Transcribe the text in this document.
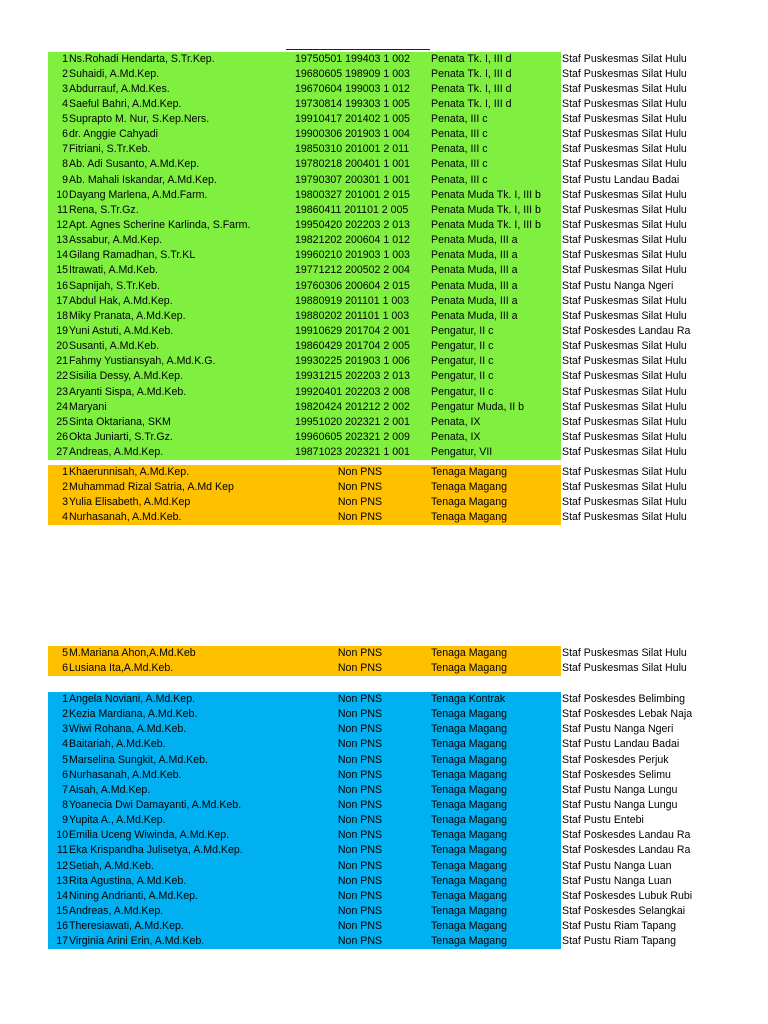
1 Ns.Rohadi Hendarta, S.Tr.Kep.	19750501 199403 1 002	Penata Tk. I, III d	Staf Puskesmas Silat Hulu
2 Suhaidi, A.Md.Kep.	19680605 198909 1 003	Penata Tk. I, III d	Staf Puskesmas Silat Hulu
3 Abdurrauf, A.Md.Kes.	19670604 199003 1 012	Penata Tk. I, III d	Staf Puskesmas Silat Hulu
4 Saeful Bahri, A.Md.Kep.	19730814 199303 1 005	Penata Tk. I, III d	Staf Puskesmas Silat Hulu
5 Suprapto M. Nur, S.Kep.Ners.	19910417 201402 1 005	Penata, III c	Staf Puskesmas Silat Hulu
6 dr. Anggie Cahyadi	19900306 201903 1 004	Penata, III c	Staf Puskesmas Silat Hulu
7 Fitriani, S.Tr.Keb.	19850310 201001 2 011	Penata, III c	Staf Puskesmas Silat Hulu
8 Ab. Adi Susanto, A.Md.Kep.	19780218 200401 1 001	Penata, III c	Staf Puskesmas Silat Hulu
9 Ab. Mahali Iskandar, A.Md.Kep.	19790307 200301 1 001	Penata, III c	Staf Pustu Landau Badai
10 Dayang Marlena, A.Md.Farm.	19800327 201001 2 015	Penata Muda Tk. I, III b	Staf Puskesmas Silat Hulu
11 Rena, S.Tr.Gz.	19860411 201101 2 005	Penata Muda Tk. I, III b	Staf Puskesmas Silat Hulu
12 Apt. Agnes Scherine Karlinda, S.Farm.	19950420 202203 2 013	Penata Muda Tk. I, III b	Staf Puskesmas Silat Hulu
13 Assabur, A.Md.Kep.	19821202 200604 1 012	Penata Muda, III a	Staf Puskesmas Silat Hulu
14 Gilang Ramadhan, S.Tr.KL	19960210 201903 1 003	Penata Muda, III a	Staf Puskesmas Silat Hulu
15 Itrawati, A.Md.Keb.	19771212 200502 2 004	Penata Muda, III a	Staf Puskesmas Silat Hulu
16 Sapnijah, S.Tr.Keb.	19760306 200604 2 015	Penata Muda, III a	Staf Pustu Nanga Ngeri
17 Abdul Hak, A.Md.Kep.	19880919 201101 1 003	Penata Muda, III a	Staf Puskesmas Silat Hulu
18 Miky Pranata, A.Md.Kep.	19880202 201101 1 003	Penata Muda, III a	Staf Puskesmas Silat Hulu
19 Yuni Astuti, A.Md.Keb.	19910629 201704 2 001	Pengatur, II c	Staf Poskesdes Landau Ra
20 Susanti, A.Md.Keb.	19860429 201704 2 005	Pengatur, II c	Staf Puskesmas Silat Hulu
21 Fahmy Yustiansyah, A.Md.K.G.	19930225 201903 1 006	Pengatur, II c	Staf Puskesmas Silat Hulu
22 Sisilia Dessy, A.Md.Kep.	19931215 202203 2 013	Pengatur, II c	Staf Puskesmas Silat Hulu
23 Aryanti Sispa, A.Md.Keb.	19920401 202203 2 008	Pengatur, II c	Staf Puskesmas Silat Hulu
24 Maryani	19820424 201212 2 002	Pengatur Muda, II b	Staf Puskesmas Silat Hulu
25 Sinta Oktariana, SKM	19951020 202321 2 001	Penata, IX	Staf Puskesmas Silat Hulu
26 Okta Juniarti, S.Tr.Gz.	19960605 202321 2 009	Penata, IX	Staf Puskesmas Silat Hulu
27 Andreas, A.Md.Kep.	19871023 202321 1 001	Pengatur, VII	Staf Puskesmas Silat Hulu
1 Khaerunnisah, A.Md.Kep.	Non PNS	Tenaga Magang	Staf Puskesmas Silat Hulu
2 Muhammad Rizal Satria, A.Md Kep	Non PNS	Tenaga Magang	Staf Puskesmas Silat Hulu
3 Yulia Elisabeth, A.Md.Kep	Non PNS	Tenaga Magang	Staf Puskesmas Silat Hulu
4 Nurhasanah, A.Md.Keb.	Non PNS	Tenaga Magang	Staf Puskesmas Silat Hulu
5 M.Mariana Ahon,A.Md.Keb	Non PNS	Tenaga Magang	Staf Puskesmas Silat Hulu
6 Lusiana Ita,A.Md.Keb.	Non PNS	Tenaga Magang	Staf Puskesmas Silat Hulu
1 Angela Noviani, A.Md.Kep.	Non PNS	Tenaga Kontrak	Staf Poskesdes Belimbing
2 Kezia Mardiana, A.Md.Keb.	Non PNS	Tenaga Magang	Staf Poskesdes Lebak Naja
3 Wiwi Rohana, A.Md.Keb.	Non PNS	Tenaga Magang	Staf Pustu Nanga Ngeri
4 Baitariah, A.Md.Keb.	Non PNS	Tenaga Magang	Staf Pustu Landau Badai
5 Marselina Sungkit, A.Md.Keb.	Non PNS	Tenaga Magang	Staf Poskesdes Perjuk
6 Nurhasanah, A.Md.Keb.	Non PNS	Tenaga Magang	Staf Poskesdes Selimu
7 Aisah, A.Md.Kep.	Non PNS	Tenaga Magang	Staf Pustu Nanga Lungu
8 Yoanecia Dwi Damayanti, A.Md.Keb.	Non PNS	Tenaga Magang	Staf Pustu Nanga Lungu
9 Yupita A., A.Md.Kep.	Non PNS	Tenaga Magang	Staf Pustu Entebi
10 Emilia Uceng Wiwinda, A.Md.Kep.	Non PNS	Tenaga Magang	Staf Poskesdes Landau Ra
11 Eka Krispandha Julisetya, A.Md.Kep.	Non PNS	Tenaga Magang	Staf Poskesdes Landau Ra
12 Setiah, A.Md.Keb.	Non PNS	Tenaga Magang	Staf Pustu Nanga Luan
13 Rita Agustina, A.Md.Keb.	Non PNS	Tenaga Magang	Staf Pustu Nanga Luan
14 Nining Andrianti, A.Md.Kep.	Non PNS	Tenaga Magang	Staf Poskesdes Lubuk Rubi
15 Andreas, A.Md.Kep.	Non PNS	Tenaga Magang	Staf Poskesdes Selangkai
16 Theresiawati, A.Md.Kep.	Non PNS	Tenaga Magang	Staf Pustu Riam Tapang
17 Virginia Arini Erin, A.Md.Keb.	Non PNS	Tenaga Magang	Staf Pustu Riam Tapang
